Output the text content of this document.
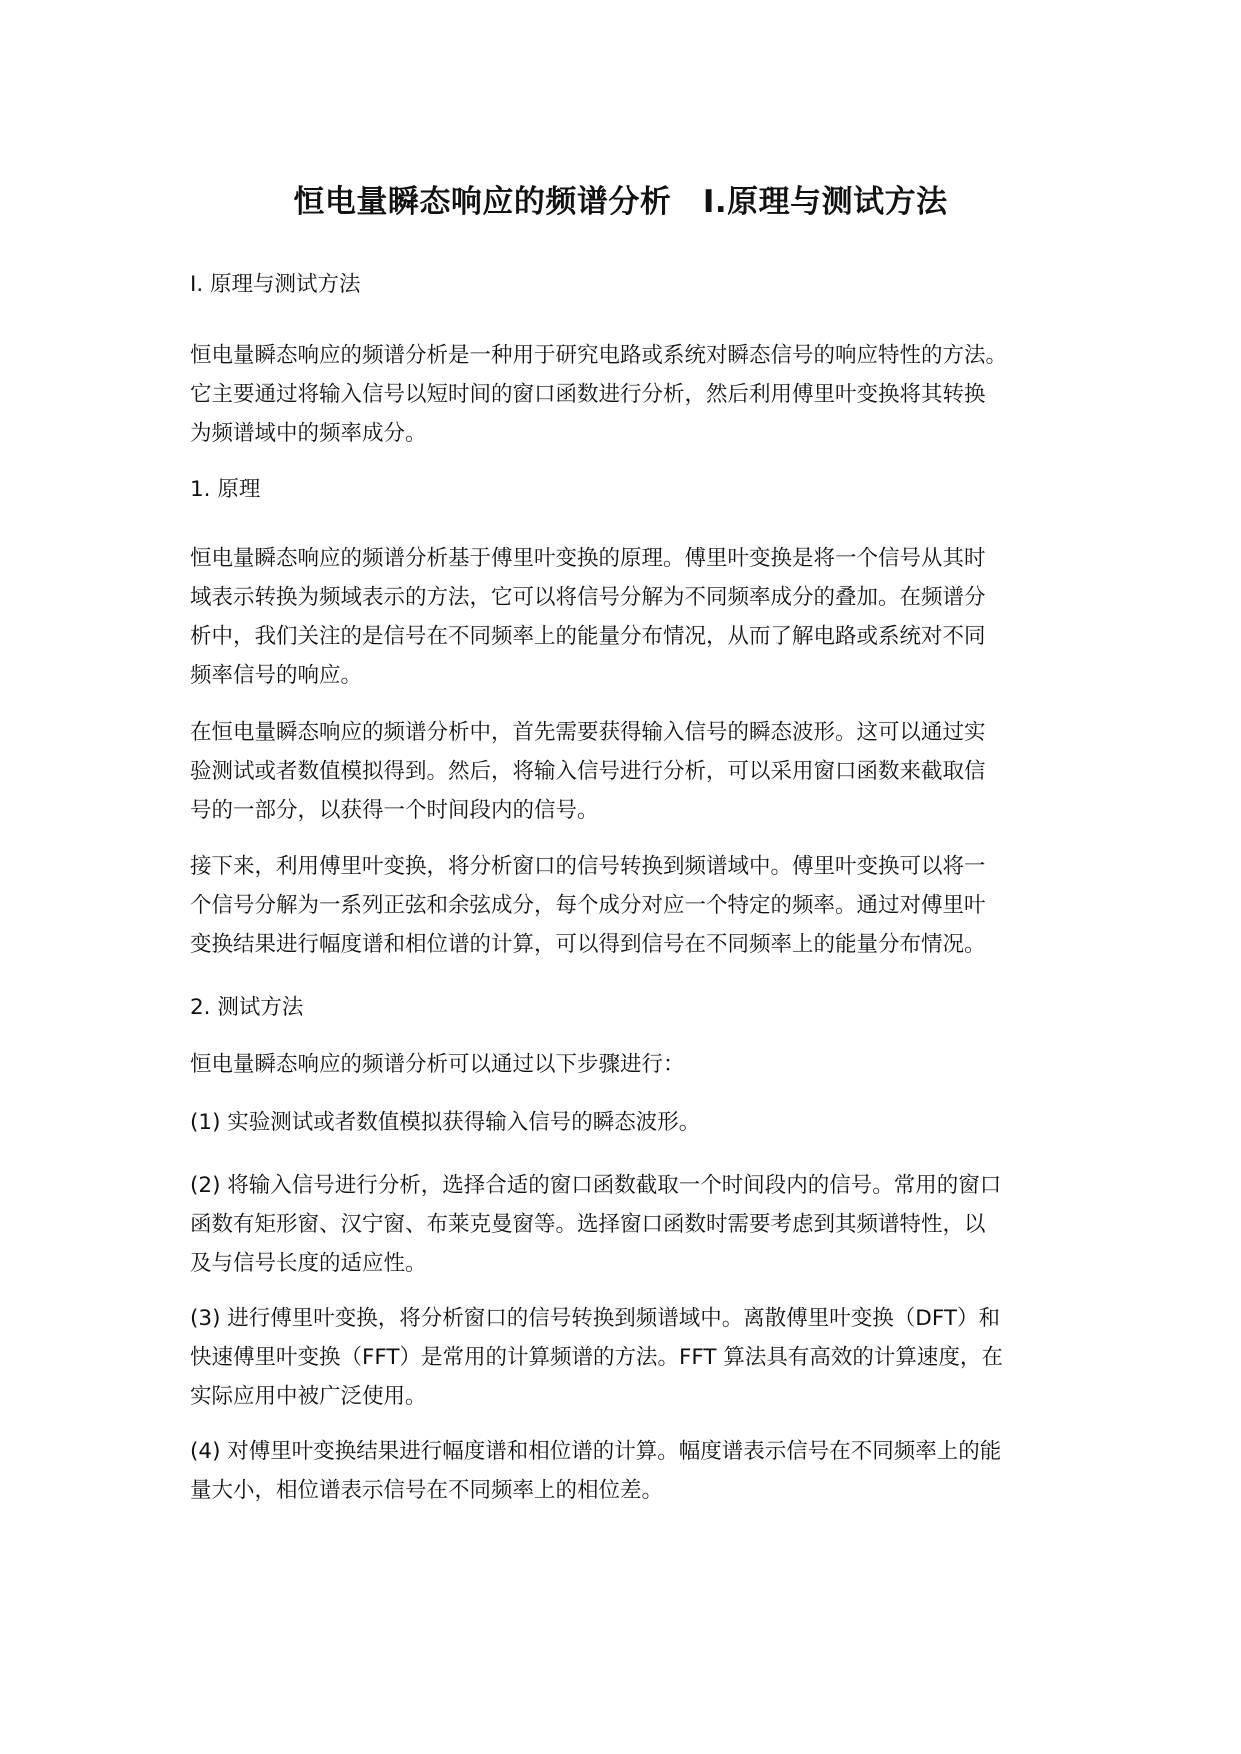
恒电量瞬态响应的频谱分析　Ⅰ.原理与测试方法

Ⅰ. 原理与测试方法

恒电量瞬态响应的频谱分析是一种用于研究电路或系统对瞬态信号的响应特性的方法。
它主要通过将输入信号以短时间的窗口函数进行分析，然后利用傅里叶变换将其转换
为频谱域中的频率成分。

1. 原理

恒电量瞬态响应的频谱分析基于傅里叶变换的原理。傅里叶变换是将一个信号从其时
域表示转换为频域表示的方法，它可以将信号分解为不同频率成分的叠加。在频谱分
析中，我们关注的是信号在不同频率上的能量分布情况，从而了解电路或系统对不同
频率信号的响应。

在恒电量瞬态响应的频谱分析中，首先需要获得输入信号的瞬态波形。这可以通过实
验测试或者数值模拟得到。然后，将输入信号进行分析，可以采用窗口函数来截取信
号的一部分，以获得一个时间段内的信号。

接下来，利用傅里叶变换，将分析窗口的信号转换到频谱域中。傅里叶变换可以将一
个信号分解为一系列正弦和余弦成分，每个成分对应一个特定的频率。通过对傅里叶
变换结果进行幅度谱和相位谱的计算，可以得到信号在不同频率上的能量分布情况。

2. 测试方法

恒电量瞬态响应的频谱分析可以通过以下步骤进行：

(1) 实验测试或者数值模拟获得输入信号的瞬态波形。

(2) 将输入信号进行分析，选择合适的窗口函数截取一个时间段内的信号。常用的窗口
函数有矩形窗、汉宁窗、布莱克曼窗等。选择窗口函数时需要考虑到其频谱特性，以
及与信号长度的适应性。

(3) 进行傅里叶变换，将分析窗口的信号转换到频谱域中。离散傅里叶变换（DFT）和
快速傅里叶变换（FFT）是常用的计算频谱的方法。FFT 算法具有高效的计算速度，在
实际应用中被广泛使用。

(4) 对傅里叶变换结果进行幅度谱和相位谱的计算。幅度谱表示信号在不同频率上的能
量大小，相位谱表示信号在不同频率上的相位差。
